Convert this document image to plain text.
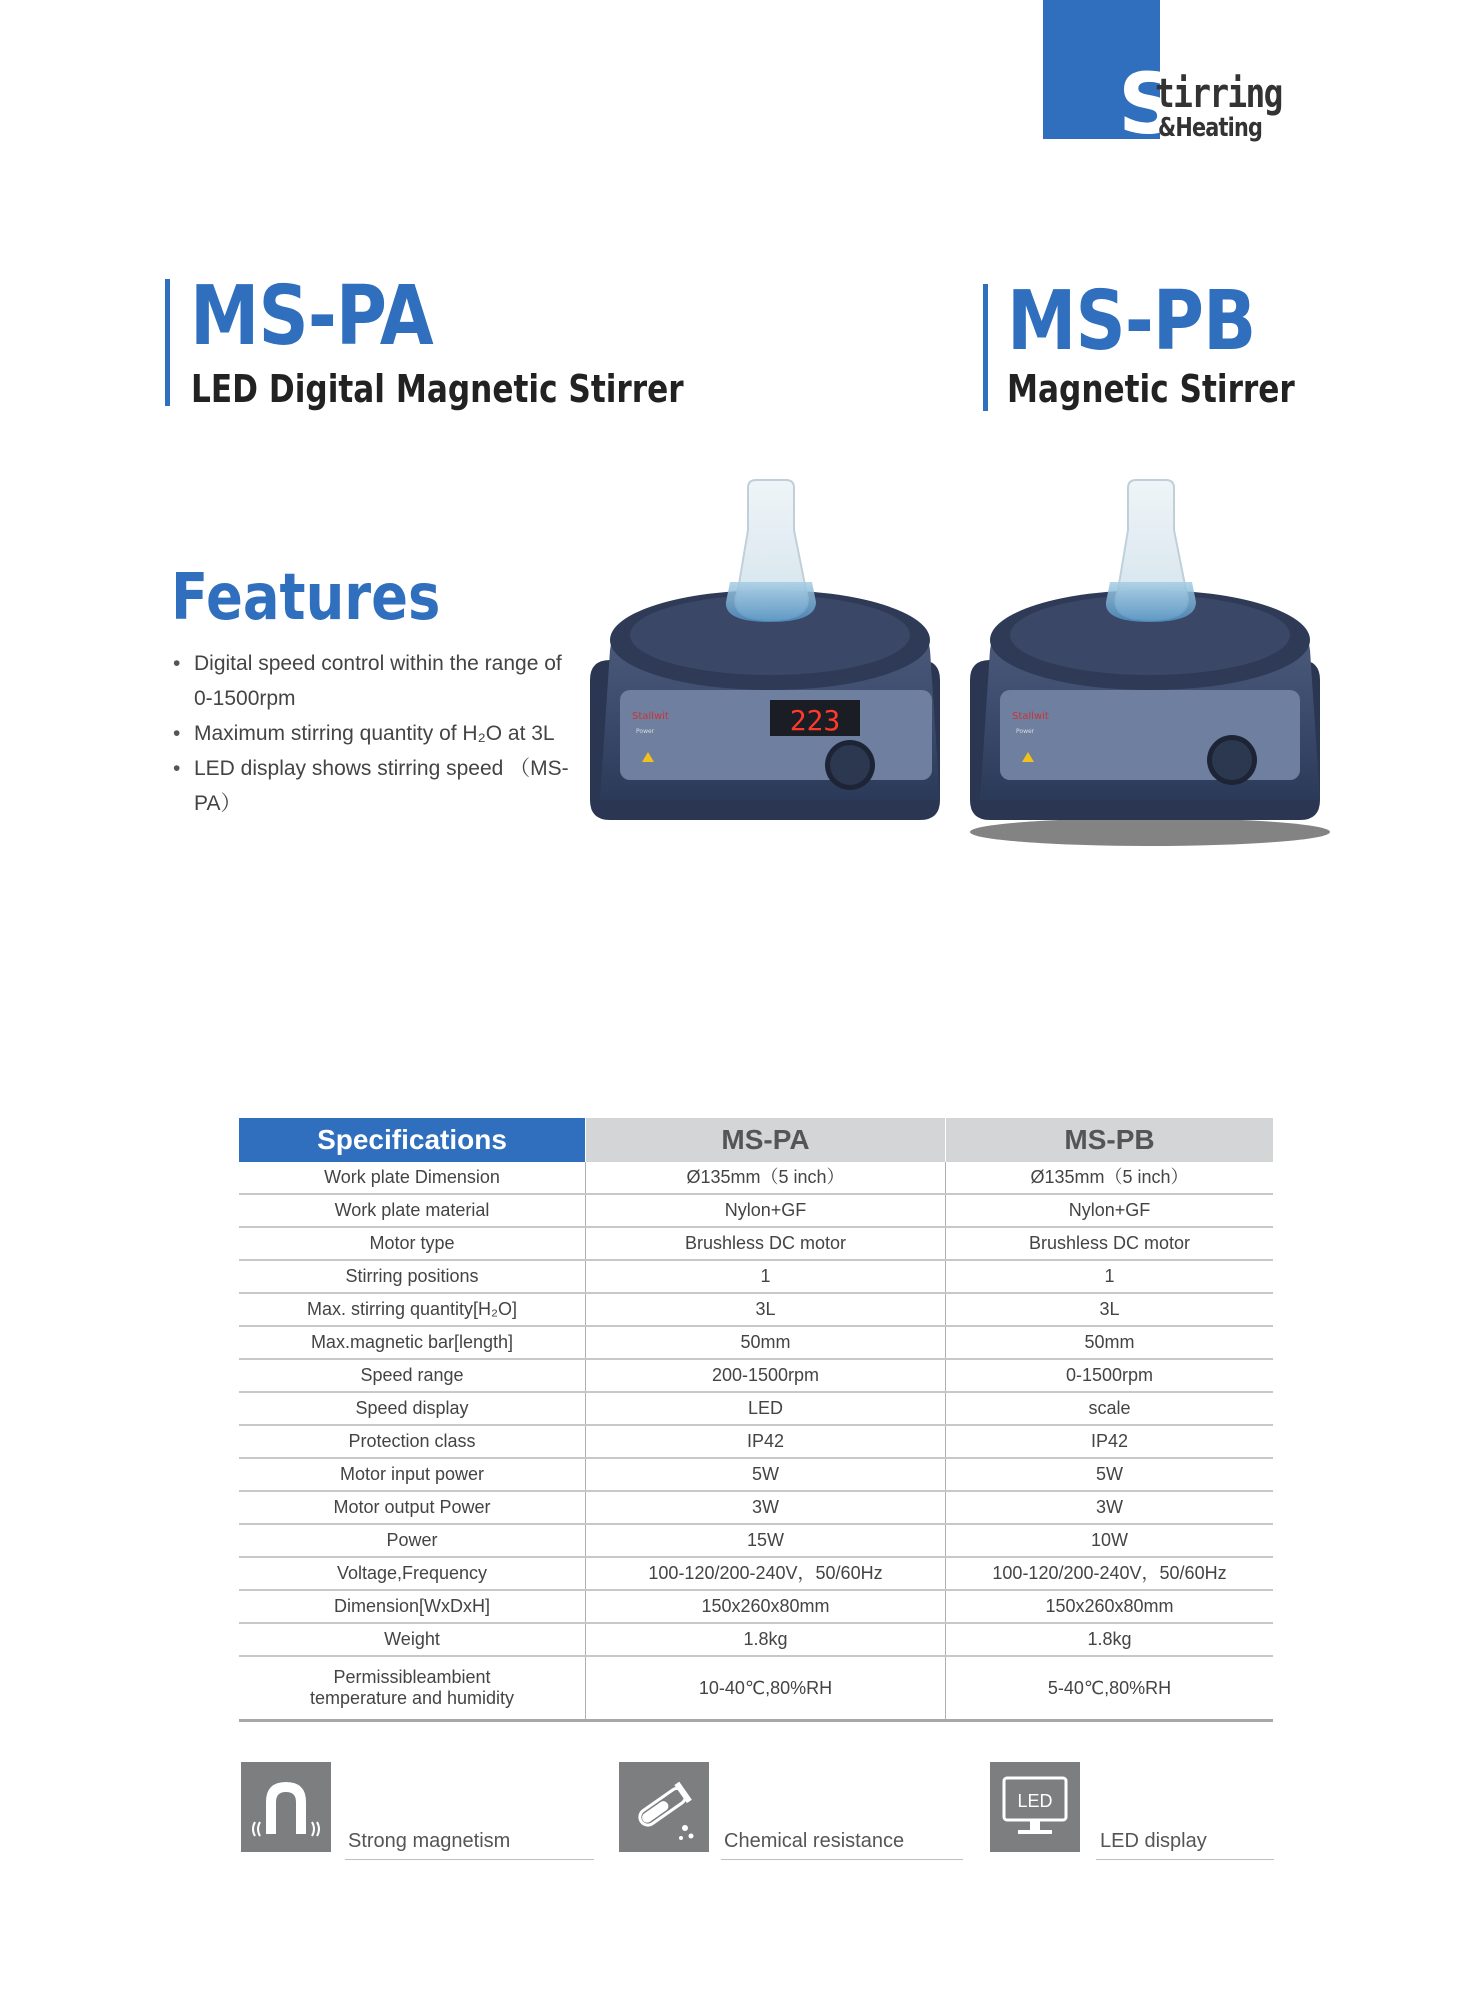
S
tirring
&Heating
MS-PA
LED Digital Magnetic Stirrer
MS-PB
Magnetic Stirrer
Features
• Digital speed control within the range of 0-1500rpm
• Maximum stirring quantity of H₂O at 3L
• LED display shows stirring speed （MS-PA）
Stallwit
Power	223	Stallwit
Power
Specifications	MS-PA	MS-PB
Work plate Dimension	Ø135mm（5 inch）	Ø135mm（5 inch）
Work plate material	Nylon+GF	Nylon+GF
Motor type	Brushless DC motor	Brushless DC motor
Stirring positions	1	1
Max. stirring quantity[H₂O]	3L	3L
Max.magnetic bar[length]	50mm	50mm
Speed range	200-1500rpm	0-1500rpm
Speed display	LED	scale
Protection class	IP42	IP42
Motor input power	5W	5W
Motor output Power	3W	3W
Power	15W	10W
Voltage,Frequency	100-120/200-240V，50/60Hz	100-120/200-240V，50/60Hz
Dimension[WxDxH]	150x260x80mm	150x260x80mm
Weight	1.8kg	1.8kg
Permissibleambient
temperature and humidity	10-40℃,80%RH	5-40℃,80%RH
Strong magnetism	Chemical resistance
LED
LED display
